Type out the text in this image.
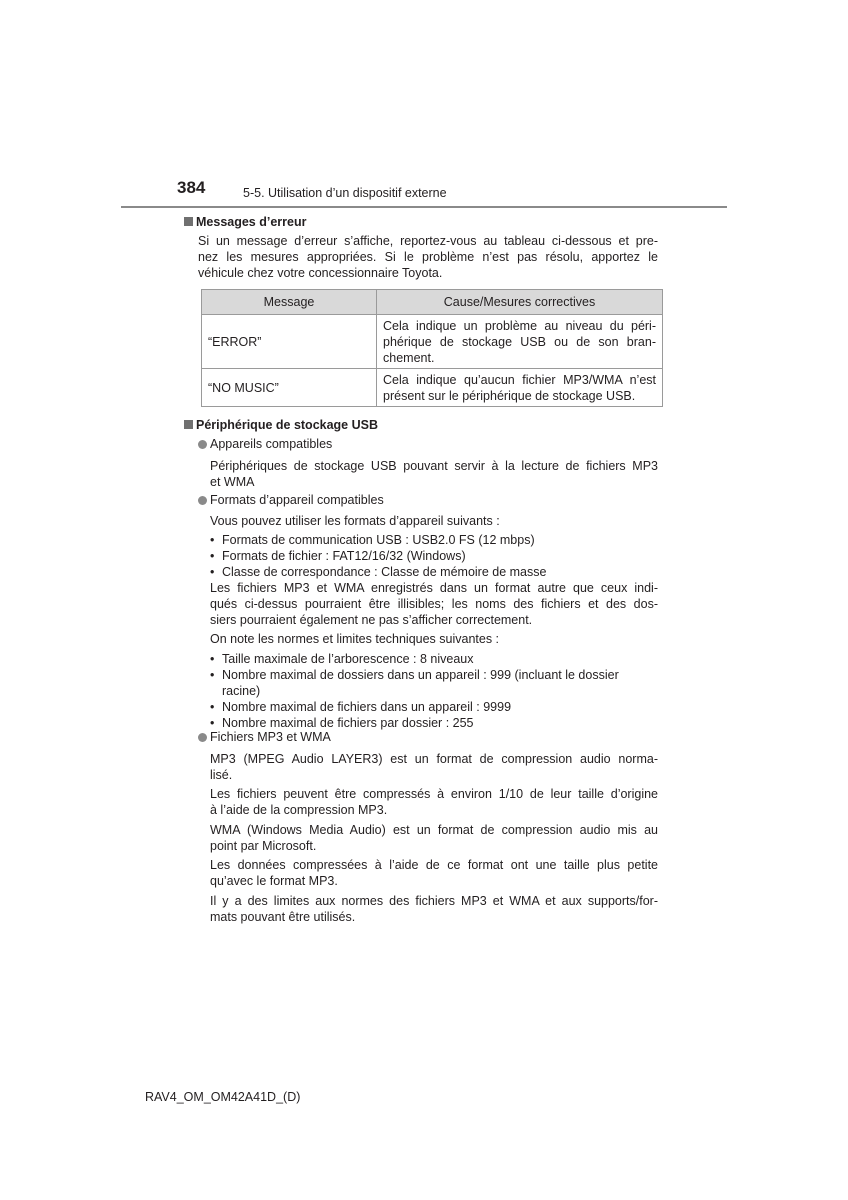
384	5-5. Utilisation d’un dispositif externe
Messages d’erreur
Si un message d’erreur s’affiche, reportez-vous au tableau ci-dessous et pre-
nez les mesures appropriées. Si le problème n’est pas résolu, apportez le
véhicule chez votre concessionnaire Toyota.
Message	Cause/Mesures correctives
“ERROR”	Cela indique un problème au niveau du péri-
phérique de stockage USB ou de son bran-
chement.

“NO MUSIC”	Cela indique qu’aucun fichier MP3/WMA n’est
présent sur le périphérique de stockage USB.
Périphérique de stockage USB
Appareils compatibles
Périphériques de stockage USB pouvant servir à la lecture de fichiers MP3
et WMA
Formats d’appareil compatibles
Vous pouvez utiliser les formats d’appareil suivants :
• Formats de communication USB : USB2.0 FS (12 mbps)
• Formats de fichier : FAT12/16/32 (Windows)
• Classe de correspondance : Classe de mémoire de masse
Les fichiers MP3 et WMA enregistrés dans un format autre que ceux indi-
qués ci-dessus pourraient être illisibles; les noms des fichiers et des dos-
siers pourraient également ne pas s’afficher correctement.
On note les normes et limites techniques suivantes :
• Taille maximale de l’arborescence : 8 niveaux
• Nombre maximal de dossiers dans un appareil : 999 (incluant le dossier
racine)
• Nombre maximal de fichiers dans un appareil : 9999
• Nombre maximal de fichiers par dossier : 255
Fichiers MP3 et WMA
MP3 (MPEG Audio LAYER3) est un format de compression audio norma-
lisé.
Les fichiers peuvent être compressés à environ 1/10 de leur taille d’origine
à l’aide de la compression MP3.
WMA (Windows Media Audio) est un format de compression audio mis au
point par Microsoft.
Les données compressées à l’aide de ce format ont une taille plus petite
qu’avec le format MP3.
Il y a des limites aux normes des fichiers MP3 et WMA et aux supports/for-
mats pouvant être utilisés.
RAV4_OM_OM42A41D_(D)
